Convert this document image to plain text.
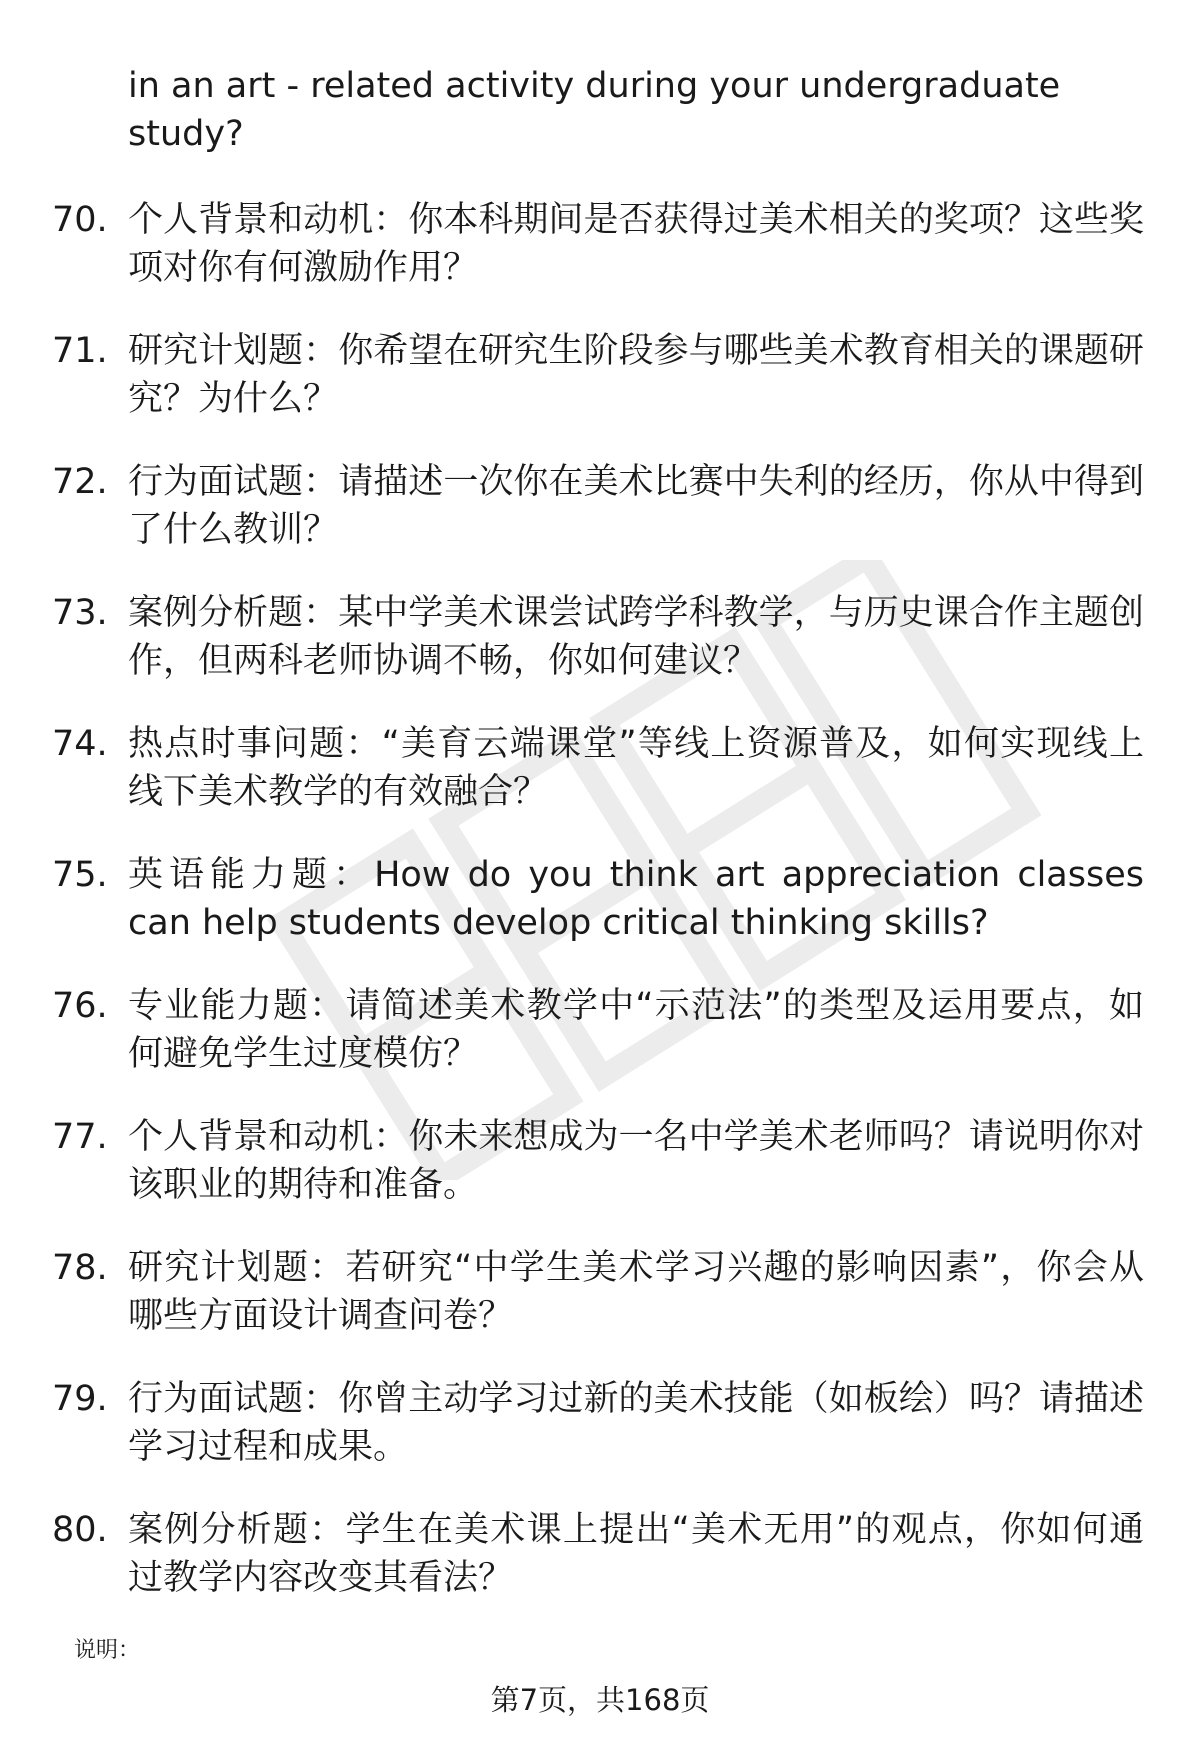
in an art - related activity during your undergraduate study?

70. 个人背景和动机：你本科期间是否获得过美术相关的奖项？这些奖项对你有何激励作用？
71. 研究计划题：你希望在研究生阶段参与哪些美术教育相关的课题研究？为什么？
72. 行为面试题：请描述一次你在美术比赛中失利的经历，你从中得到了什么教训？
73. 案例分析题：某中学美术课尝试跨学科教学，与历史课合作主题创作，但两科老师协调不畅，你如何建议？
74. 热点时事问题：“美育云端课堂”等线上资源普及，如何实现线上线下美术教学的有效融合？
75. 英语能力题：How do you think art appreciation classes can help students develop critical thinking skills?
76. 专业能力题：请简述美术教学中“示范法”的类型及运用要点，如何避免学生过度模仿？
77. 个人背景和动机：你未来想成为一名中学美术老师吗？请说明你对该职业的期待和准备。
78. 研究计划题：若研究“中学生美术学习兴趣的影响因素”，你会从哪些方面设计调查问卷？
79. 行为面试题：你曾主动学习过新的美术技能（如板绘）吗？请描述学习过程和成果。
80. 案例分析题：学生在美术课上提出“美术无用”的观点，你如何通过教学内容改变其看法？
说明：
第7页，共168页
